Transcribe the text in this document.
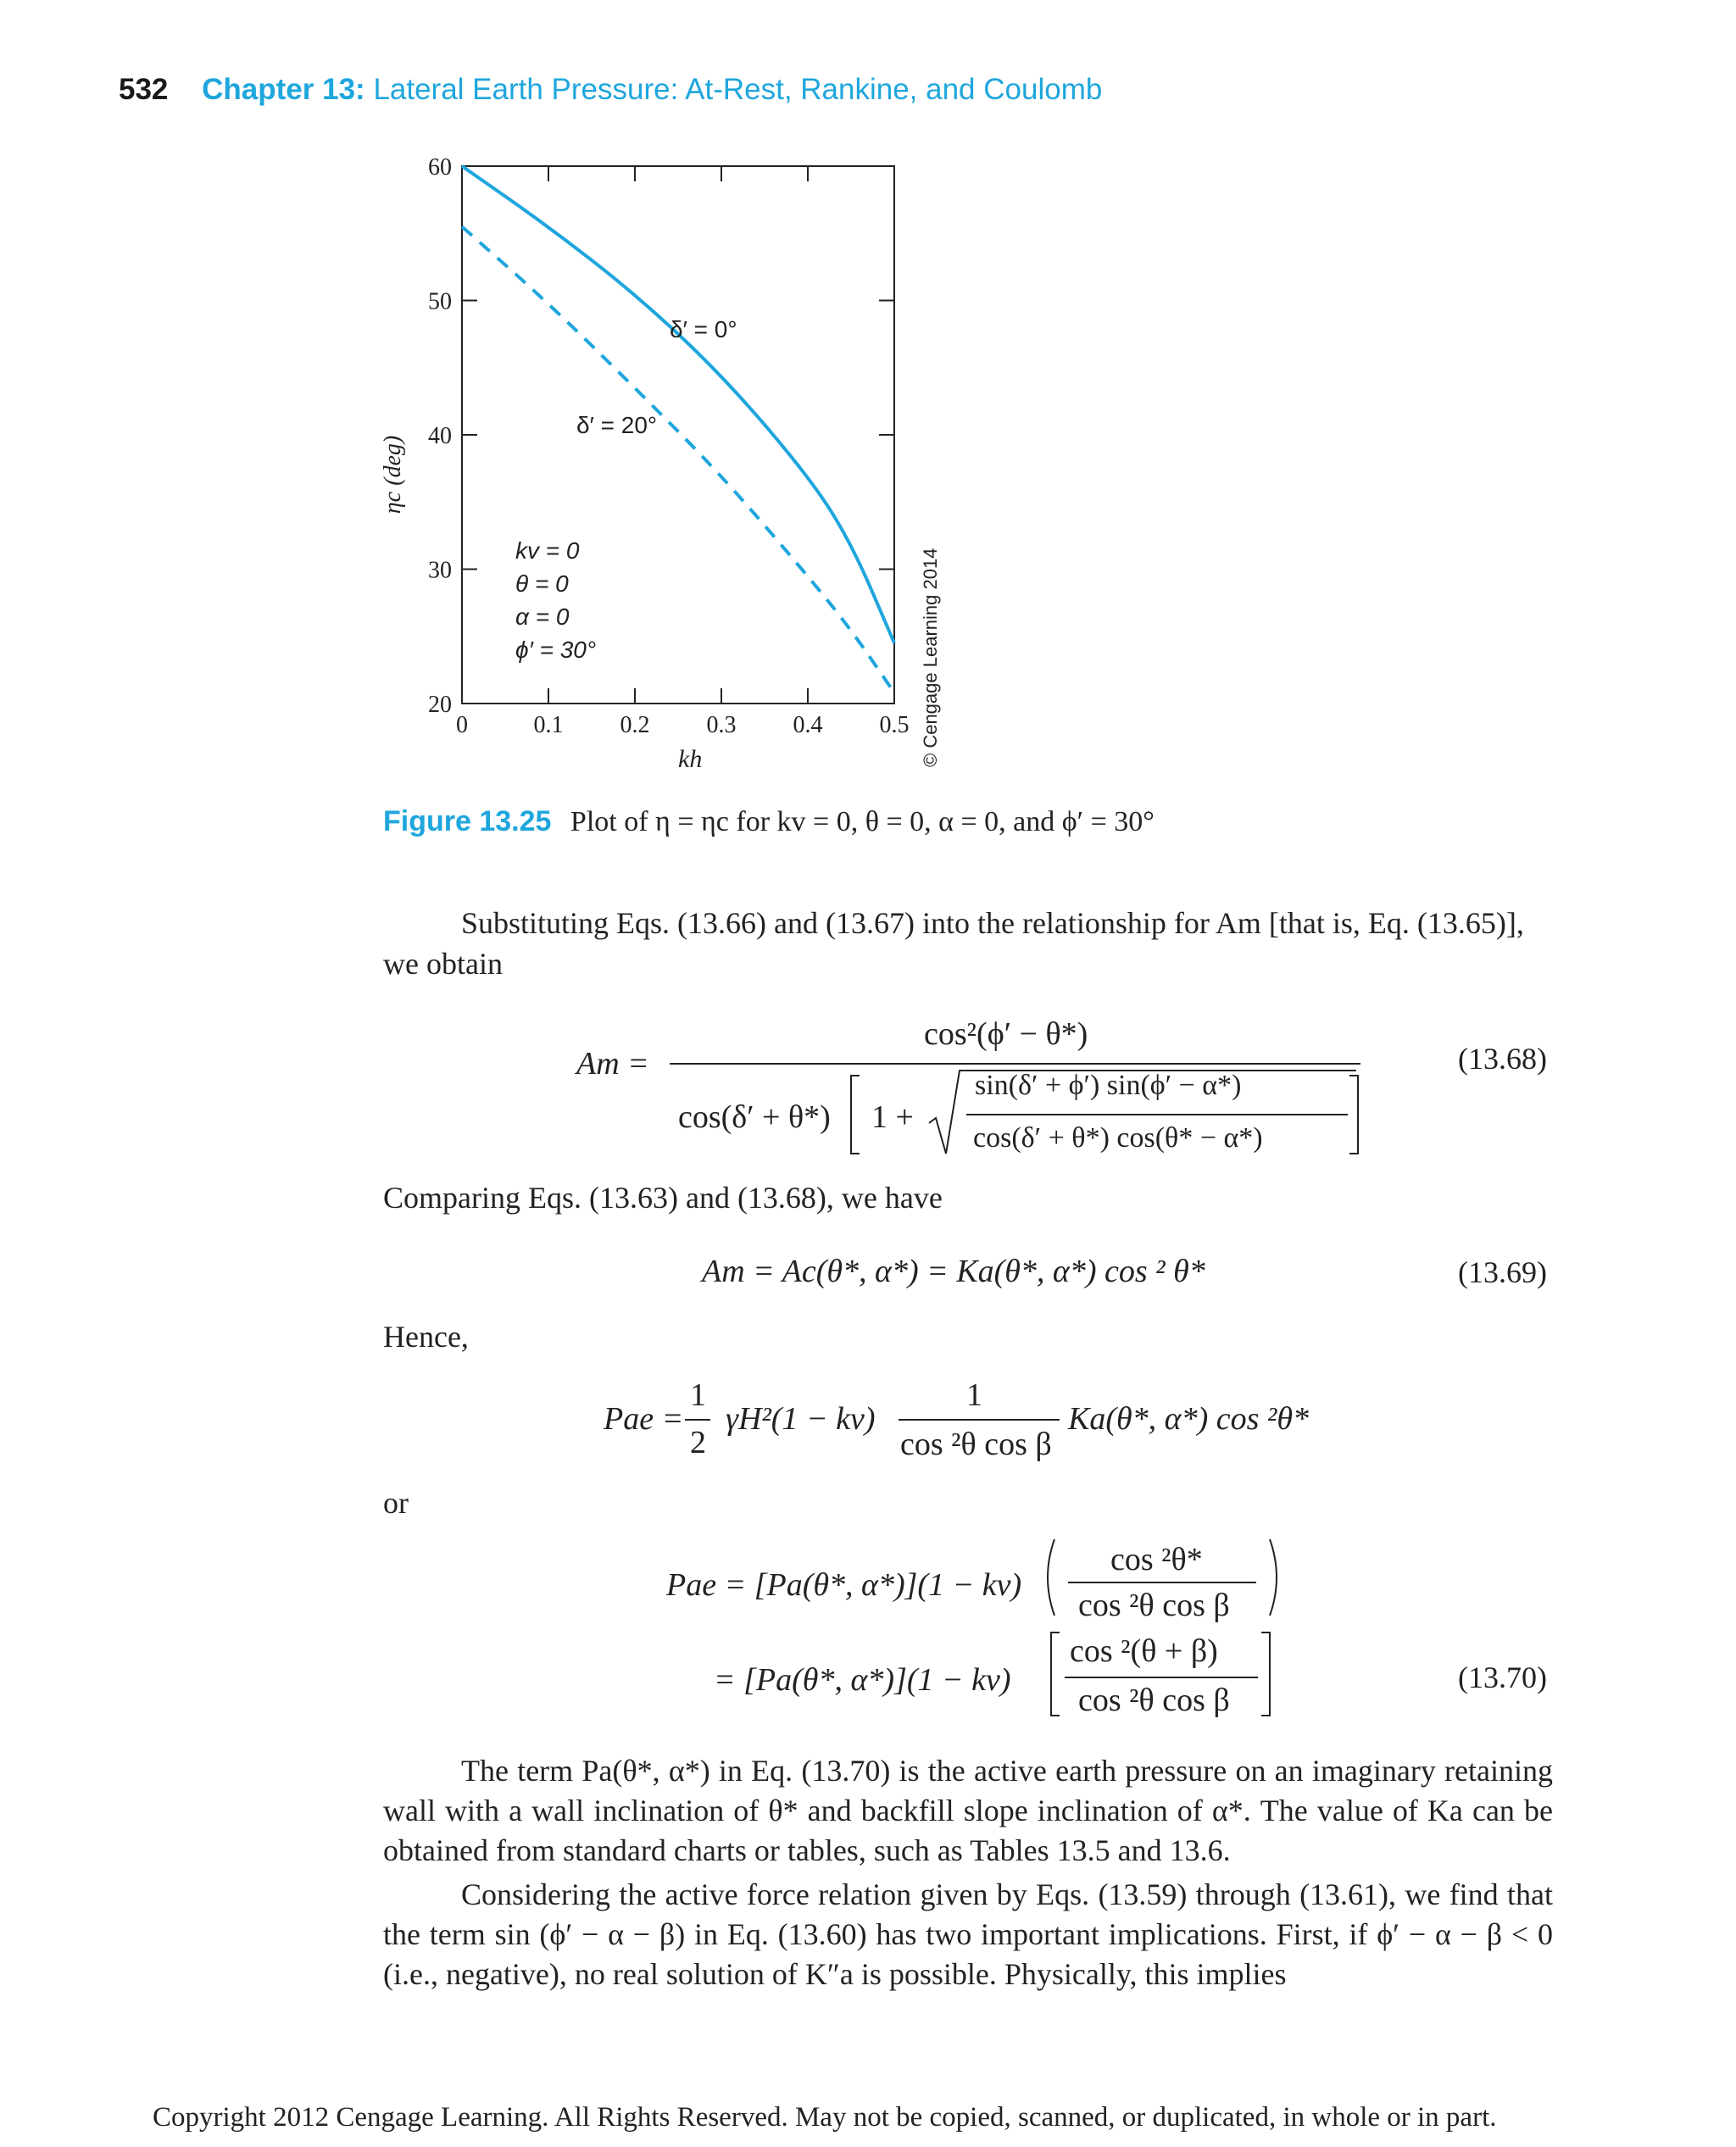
532 Chapter 13: Lateral Earth Pressure: At-Rest, Rankine, and Coulomb
0	0.1 0.2 0.3 0.4 0.5
20
30
40
50
60
δ′ = 0°
δ′ = 20°
kv = 0
θ = 0
α = 0
ϕ′ = 30°	© Cengage Learning 2014
ηc (deg)
kh
Figure 13.25 Plot of η = ηc for kv = 0, θ = 0, α = 0, and ϕ′ = 30°
Substituting Eqs. (13.66) and (13.67) into the relationship for Am [that is, Eq. (13.65)],
we obtain
Am =
cos²(ϕ′ − θ*)
cos(δ′ + θ*) 1 +
sin(δ′ + ϕ′) sin(ϕ′ − α*)
cos(δ′ + θ*) cos(θ* − α*)
(13.68)
Comparing Eqs. (13.63) and (13.68), we have
Am = Ac(θ*, α*) = Ka(θ*, α*) cos ² θ*	(13.69)
Hence,
Pae =
1
2
γH²(1 − kv)
1
cos ²θ cos β
Ka(θ*, α*) cos ²θ*
or
Pae = [Pa(θ*, α*)](1 − kv)
cos ²θ*
cos ²θ cos β
= [Pa(θ*, α*)](1 − kv)
cos ²(θ + β)
cos ²θ cos β
(13.70)
The term Pa(θ*, α*) in Eq. (13.70) is the active earth pressure on an imaginary retaining wall with a wall inclination of θ* and backfill slope inclination of α*. The value of Ka can be obtained from standard charts or tables, such as Tables 13.5 and 13.6.
Considering the active force relation given by Eqs. (13.59) through (13.61), we find that the term sin (ϕ′ − α − β) in Eq. (13.60) has two important implications. First, if ϕ′ − α − β < 0 (i.e., negative), no real solution of K″a is possible. Physically, this implies
Copyright 2012 Cengage Learning. All Rights Reserved. May not be copied, scanned, or duplicated, in whole or in part.
